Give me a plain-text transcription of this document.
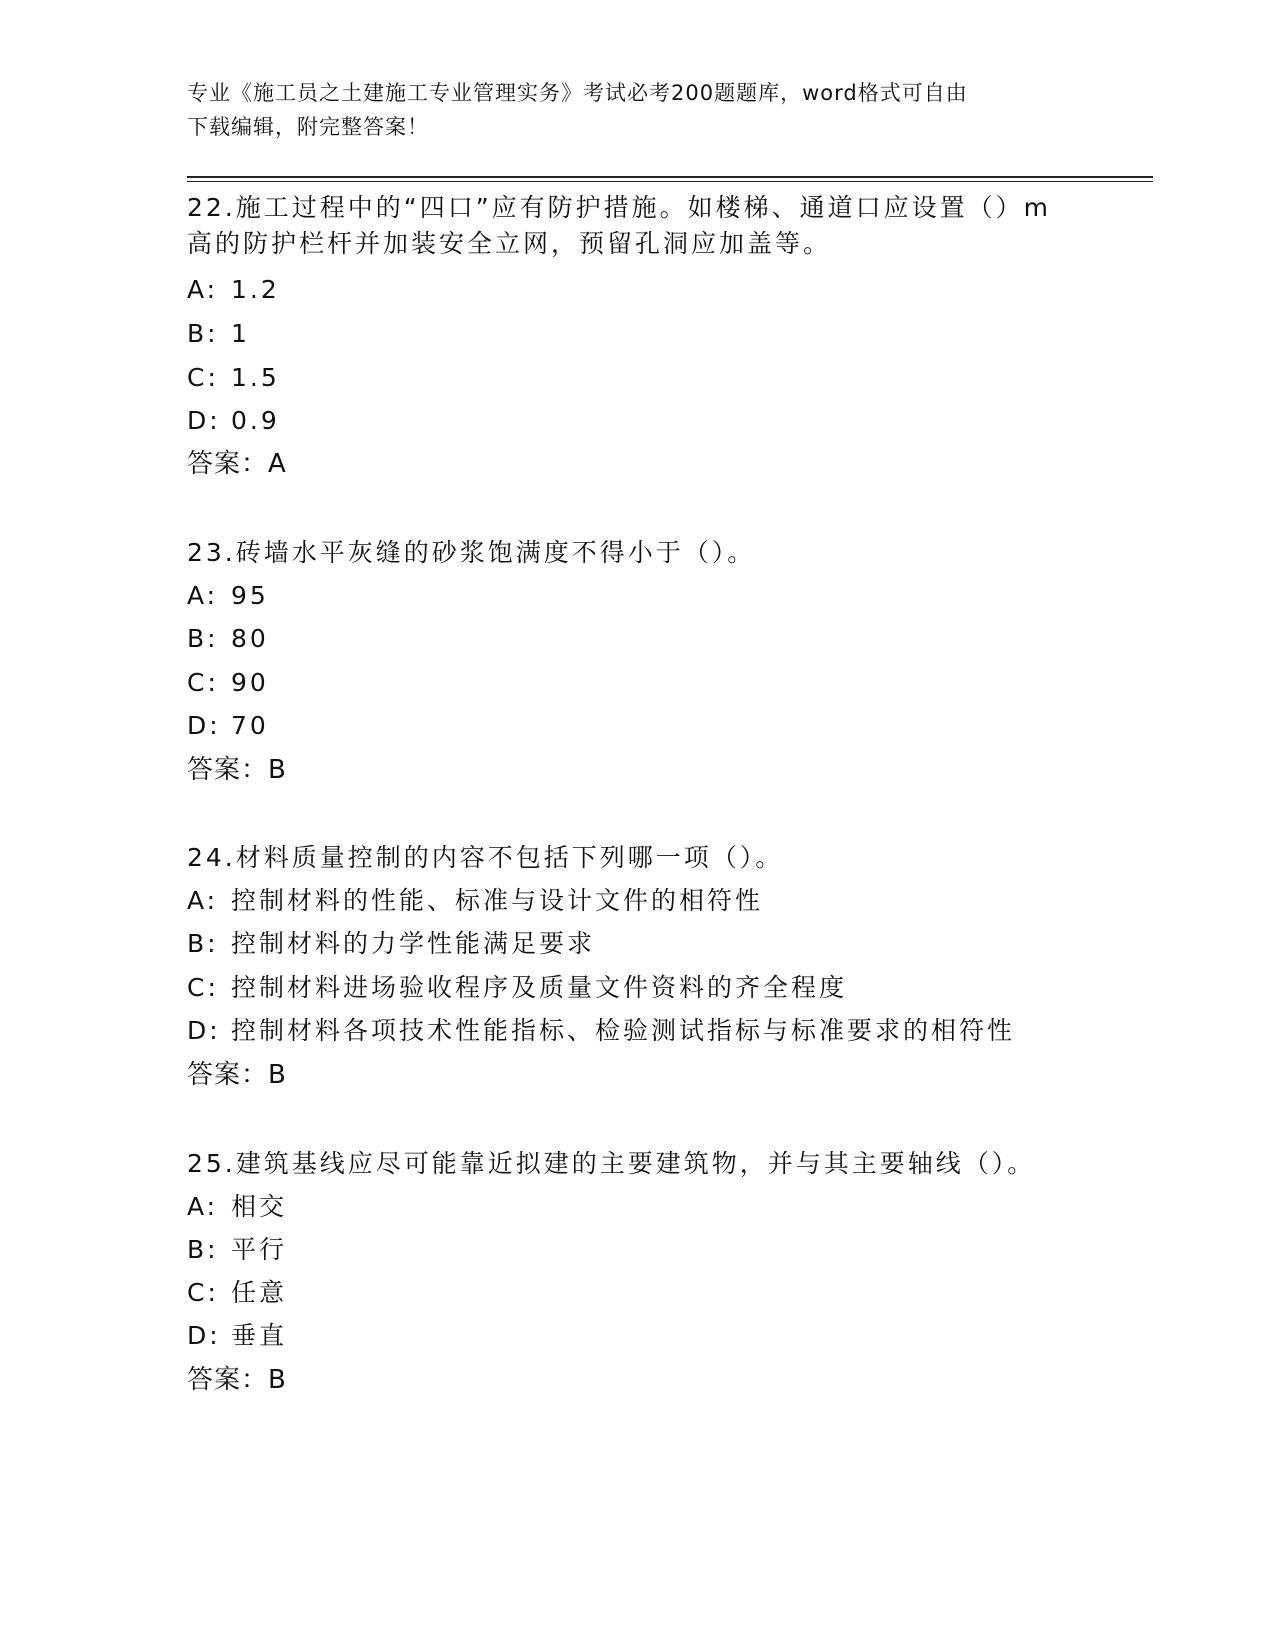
专业《施工员之土建施工专业管理实务》考试必考200题题库，word格式可自由
下载编辑，附完整答案！
22.施工过程中的“四口”应有防护措施。如楼梯、通道口应设置（）m高的防护栏杆并加装安全立网，预留孔洞应加盖等。
A: 1.2
B: 1
C: 1.5
D: 0.9
答案：A
23.砖墙水平灰缝的砂浆饱满度不得小于（）。
A: 95
B: 80
C: 90
D: 70
答案：B
24.材料质量控制的内容不包括下列哪一项（）。
A: 控制材料的性能、标准与设计文件的相符性
B: 控制材料的力学性能满足要求
C: 控制材料进场验收程序及质量文件资料的齐全程度
D: 控制材料各项技术性能指标、检验测试指标与标准要求的相符性
答案：B
25.建筑基线应尽可能靠近拟建的主要建筑物，并与其主要轴线（）。
A: 相交
B: 平行
C: 任意
D: 垂直
答案：B
